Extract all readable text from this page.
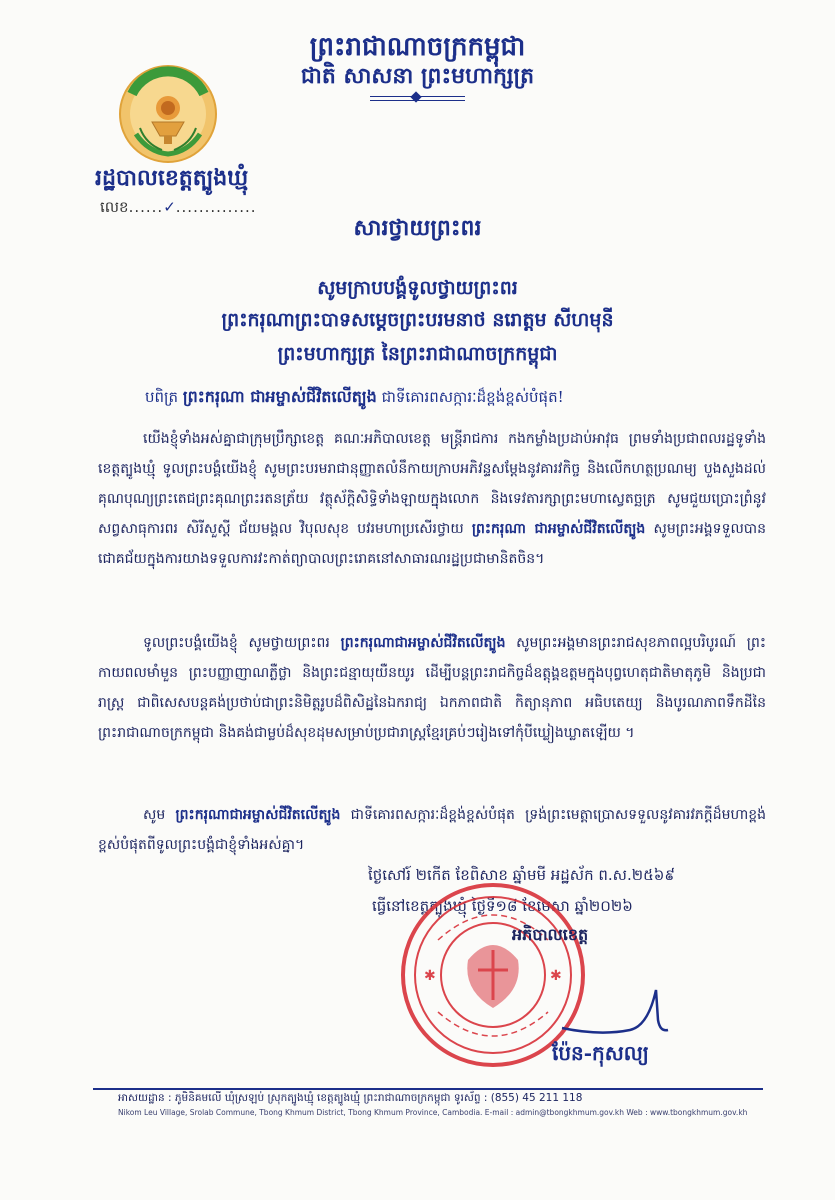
ព្រះរាជាណាចក្រកម្ពុជា
ជាតិ សាសនា ព្រះមហាក្សត្រ
រដ្ឋបាលខេត្តត្បូងឃ្មុំ
លេខ......✓..............
សារថ្វាយព្រះពរ
សូមក្រាបបង្គំទូលថ្វាយព្រះពរ
ព្រះករុណាព្រះបាទសម្ដេចព្រះបរមនាថ នរោត្ដម សីហមុនី
ព្រះមហាក្សត្រ នៃព្រះរាជាណាចក្រកម្ពុជា
បពិត្រ ព្រះករុណា ជាអម្ចាស់ជីវិតលើត្បូង ជាទីគោរពសក្ការៈដ៏ខ្ពង់ខ្ពស់បំផុត!
យើងខ្ញុំទាំងអស់គ្នាជាក្រុមប្រឹក្សាខេត្ត គណៈអភិបាលខេត្ត មន្ត្រីរាជការ កងកម្លាំងប្រដាប់អាវុធ ព្រមទាំងប្រជាពលរដ្ឋទូទាំងខេត្តត្បូងឃ្មុំ ទូលព្រះបង្គំយើងខ្ញុំ សូមព្រះបរមរាជានុញ្ញាតលំនឹកាយក្រាបអភិវន្ទសម្ដែងនូវគារវកិច្ច និងលើកហត្ថប្រណម្យ បួងសួងដល់គុណបុណ្យព្រះតេជព្រះគុណព្រះរតនត្រ័យ វត្ថុស័ក្ដិសិទ្ធិទាំងឡាយក្នុងលោក និងទេវតារក្សាព្រះមហាស្វេតច្ឆត្រ សូមជួយប្រោះព្រំនូវសព្វសាធុការពរ សិរីសួស្ដី ជ័យមង្គល វិបុលសុខ បវរមហាប្រសើរថ្វាយ ព្រះករុណា ជាអម្ចាស់ជីវិតលើត្បូង សូមព្រះអង្គទទួលបានជោគជ័យក្នុងការយាងទទួលការវះកាត់ព្យាបាលព្រះរោគនៅសាធារណរដ្ឋប្រជាមានិតចិន។
ទូលព្រះបង្គំយើងខ្ញុំ សូមថ្វាយព្រះពរ ព្រះករុណាជាអម្ចាស់ជីវិតលើត្បូង សូមព្រះអង្គមានព្រះរាជសុខភាពល្អបរិបូរណ៍ ព្រះកាយពលមាំមួន ព្រះបញ្ញាញាណភ្លឺថ្លា និងព្រះជន្មាយុយឺនយូរ ដើម្បីបន្តព្រះរាជកិច្ចដ៏ឧត្តុង្គឧត្តមក្នុងបុព្វហេតុជាតិមាតុភូមិ និងប្រជារាស្ត្រ ជាពិសេសបន្តគង់ប្រថាប់ជាព្រះនិមិត្តរូបដ៏ពិសិដ្ឋនៃឯករាជ្យ ឯកភាពជាតិ កិត្យានុភាព អធិបតេយ្យ និងបូរណភាពទឹកដីនៃព្រះរាជាណាចក្រកម្ពុជា និងគង់ជាម្លប់ដ៏សុខដុមសម្រាប់ប្រជារាស្ត្រខ្មែរគ្រប់ៗរៀងទៅកុំបីឃ្លៀងឃ្លាតឡើយ ។
សូម ព្រះករុណាជាអម្ចាស់ជីវិតលើត្បូង ជាទីគោរពសក្ការៈដ៏ខ្ពង់ខ្ពស់បំផុត ទ្រង់ព្រះមេត្តាប្រោសទទួលនូវគារវភក្ដីដ៏មហាខ្ពង់ខ្ពស់បំផុតពីទូលព្រះបង្គំជាខ្ញុំទាំងអស់គ្នា។
ថ្ងៃសៅរ៍ ២កើត ខែពិសាខ ឆ្នាំមមី អដ្ឋស័ក ព.ស.២៥៦៩
ធ្វើនៅខេត្តត្បូងឃ្មុំ ថ្ងៃទី១៨ ខែមេសា ឆ្នាំ២០២៦
✱	✱
អភិបាលខេត្ត
ប៉ែន-កុសល្យ
អាសយដ្ឋាន : ភូមិនិគមលើ ឃុំស្រឡប់ ស្រុកត្បូងឃ្មុំ ខេត្តត្បូងឃ្មុំ ព្រះរាជាណាចក្រកម្ពុជា ទូរស័ព្ទ : (855) 45 211 118
Nikom Leu Village, Srolab Commune, Tbong Khmum District, Tbong Khmum Province, Cambodia. E-mail : admin@tbongkhmum.gov.kh Web : www.tbongkhmum.gov.kh
